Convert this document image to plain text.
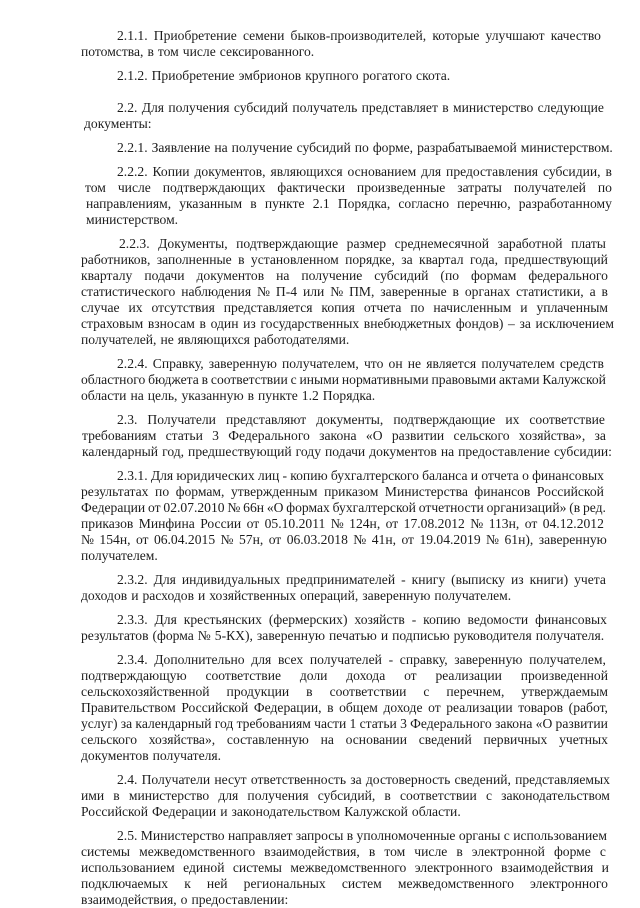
2.1.1. Приобретение семени быков-производителей, которые улучшают качество
потомства, в том числе сексированного.
2.1.2. Приобретение эмбрионов крупного рогатого скота.
2.2. Для получения субсидий получатель представляет в министерство следующие
документы:
2.2.1. Заявление на получение субсидий по форме, разрабатываемой министерством.
2.2.2. Копии документов, являющихся основанием для предоставления субсидии, в
том числе подтверждающих фактически произведенные затраты получателей по
направлениям, указанным в пункте 2.1 Порядка, согласно перечню, разработанному
министерством.
2.2.3. Документы, подтверждающие размер среднемесячной заработной платы
работников, заполненные в установленном порядке, за квартал года, предшествующий
кварталу подачи документов на получение субсидий (по формам федерального
статистического наблюдения № П-4 или № ПМ, заверенные в органах статистики, а в
случае их отсутствия представляется копия отчета по начисленным и уплаченным
страховым взносам в один из государственных внебюджетных фондов) – за исключением
получателей, не являющихся работодателями.
2.2.4. Справку, заверенную получателем, что он не является получателем средств
областного бюджета в соответствии с иными нормативными правовыми актами Калужской
области на цель, указанную в пункте 1.2 Порядка.
2.3. Получатели представляют документы, подтверждающие их соответствие
требованиям статьи 3 Федерального закона «О развитии сельского хозяйства», за
календарный год, предшествующий году подачи документов на предоставление субсидии:
2.3.1. Для юридических лиц - копию бухгалтерского баланса и отчета о финансовых
результатах по формам, утвержденным приказом Министерства финансов Российской
Федерации от 02.07.2010 № 66н «О формах бухгалтерской отчетности организаций» (в ред.
приказов Минфина России от 05.10.2011 № 124н, от 17.08.2012 № 113н, от 04.12.2012
№ 154н, от 06.04.2015 № 57н, от 06.03.2018 № 41н, от 19.04.2019 № 61н), заверенную
получателем.
2.3.2. Для индивидуальных предпринимателей - книгу (выписку из книги) учета
доходов и расходов и хозяйственных операций, заверенную получателем.
2.3.3. Для крестьянских (фермерских) хозяйств - копию ведомости финансовых
результатов (форма № 5-КХ), заверенную печатью и подписью руководителя получателя.
2.3.4. Дополнительно для всех получателей - справку, заверенную получателем,
подтверждающую соответствие доли дохода от реализации произведенной
сельскохозяйственной продукции в соответствии с перечнем, утверждаемым
Правительством Российской Федерации, в общем доходе от реализации товаров (работ,
услуг) за календарный год требованиям части 1 статьи 3 Федерального закона «О развитии
сельского хозяйства», составленную на основании сведений первичных учетных
документов получателя.
2.4. Получатели несут ответственность за достоверность сведений, представляемых
ими в министерство для получения субсидий, в соответствии с законодательством
Российской Федерации и законодательством Калужской области.
2.5. Министерство направляет запросы в уполномоченные органы с использованием
системы межведомственного взаимодействия, в том числе в электронной форме с
использованием единой системы межведомственного электронного взаимодействия и
подключаемых к ней региональных систем межведомственного электронного
взаимодействия, о предоставлении:
